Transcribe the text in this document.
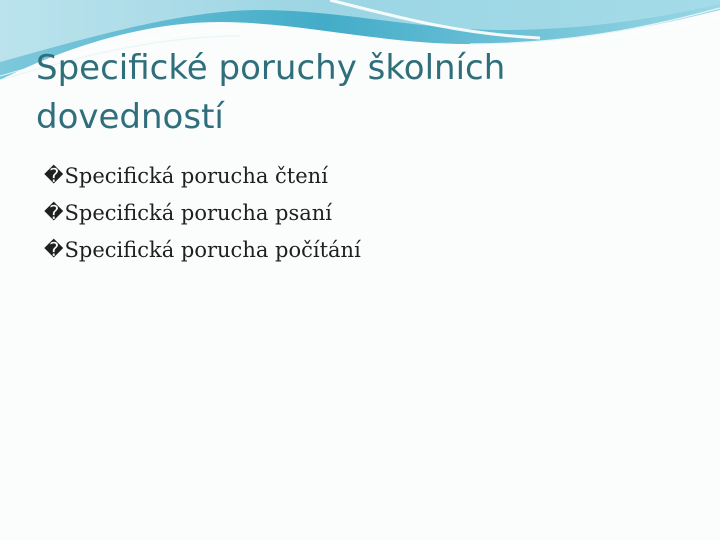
Specifické poruchy školních
dovedností
� Specifická porucha čtení
� Specifická porucha psaní
� Specifická porucha počítání
